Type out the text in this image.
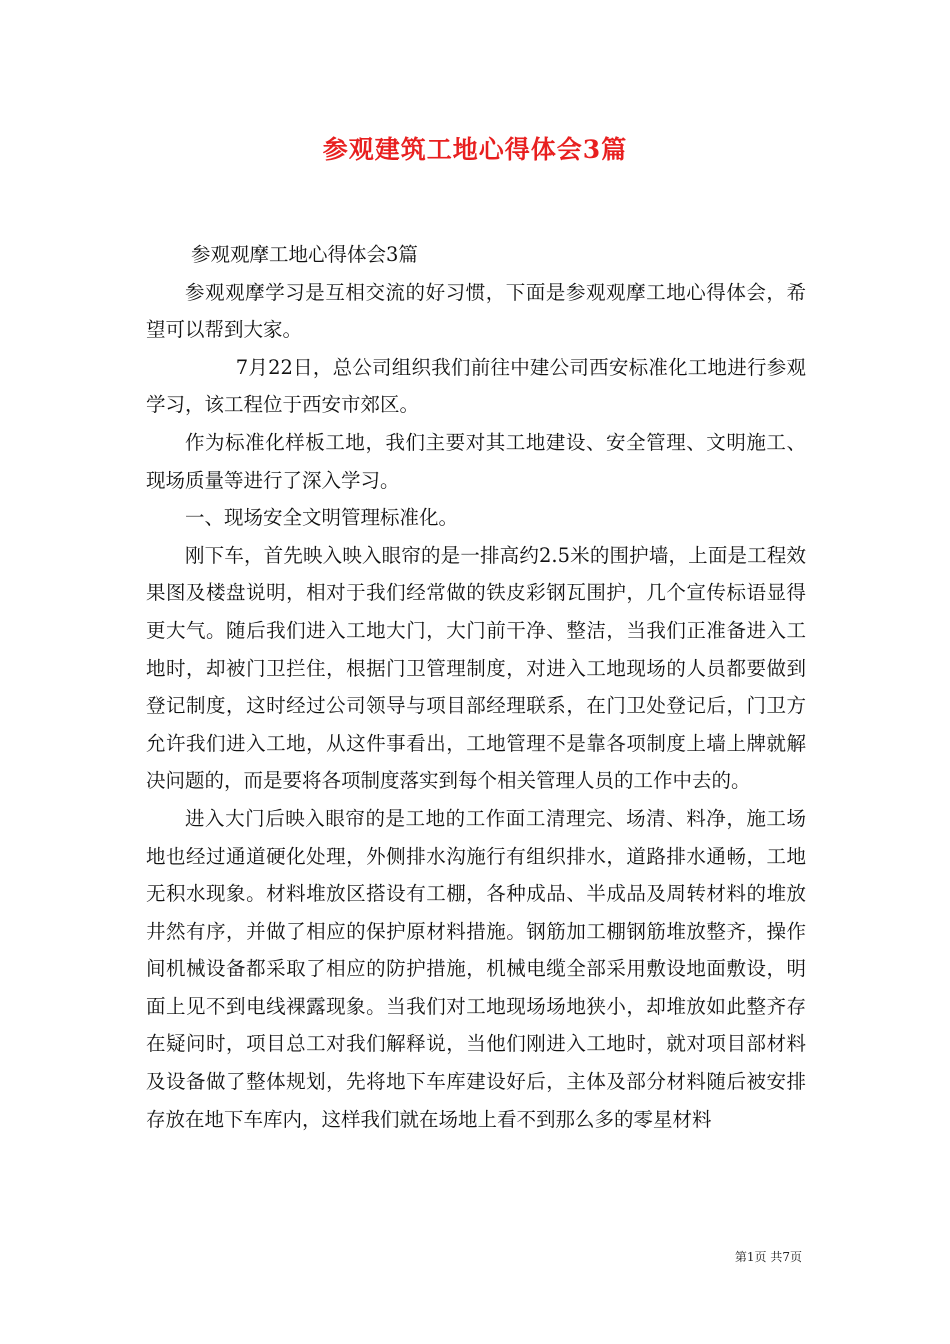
参观建筑工地心得体会3篇

参观观摩工地心得体会3篇

参观观摩学习是互相交流的好习惯，下面是参观观摩工地心得体会，希望可以帮到大家。

7月22日，总公司组织我们前往中建公司西安标准化工地进行参观学习，该工程位于西安市郊区。

作为标准化样板工地，我们主要对其工地建设、安全管理、文明施工、现场质量等进行了深入学习。

一、现场安全文明管理标准化。

刚下车，首先映入映入眼帘的是一排高约2.5米的围护墙，上面是工程效果图及楼盘说明，相对于我们经常做的铁皮彩钢瓦围护，几个宣传标语显得更大气。随后我们进入工地大门，大门前干净、整洁，当我们正准备进入工地时，却被门卫拦住，根据门卫管理制度，对进入工地现场的人员都要做到登记制度，这时经过公司领导与项目部经理联系，在门卫处登记后，门卫方允许我们进入工地，从这件事看出，工地管理不是靠各项制度上墙上牌就解决问题的，而是要将各项制度落实到每个相关管理人员的工作中去的。

进入大门后映入眼帘的是工地的工作面工清理完、场清、料净，施工场地也经过通道硬化处理，外侧排水沟施行有组织排水，道路排水通畅，工地无积水现象。材料堆放区搭设有工棚，各种成品、半成品及周转材料的堆放井然有序，并做了相应的保护原材料措施。钢筋加工棚钢筋堆放整齐，操作间机械设备都采取了相应的防护措施，机械电缆全部采用敷设地面敷设，明面上见不到电线裸露现象。当我们对工地现场场地狭小，却堆放如此整齐存在疑问时，项目总工对我们解释说，当他们刚进入工地时，就对项目部材料及设备做了整体规划，先将地下车库建设好后，主体及部分材料随后被安排存放在地下车库内，这样我们就在场地上看不到那么多的零星材料

第1页 共7页
